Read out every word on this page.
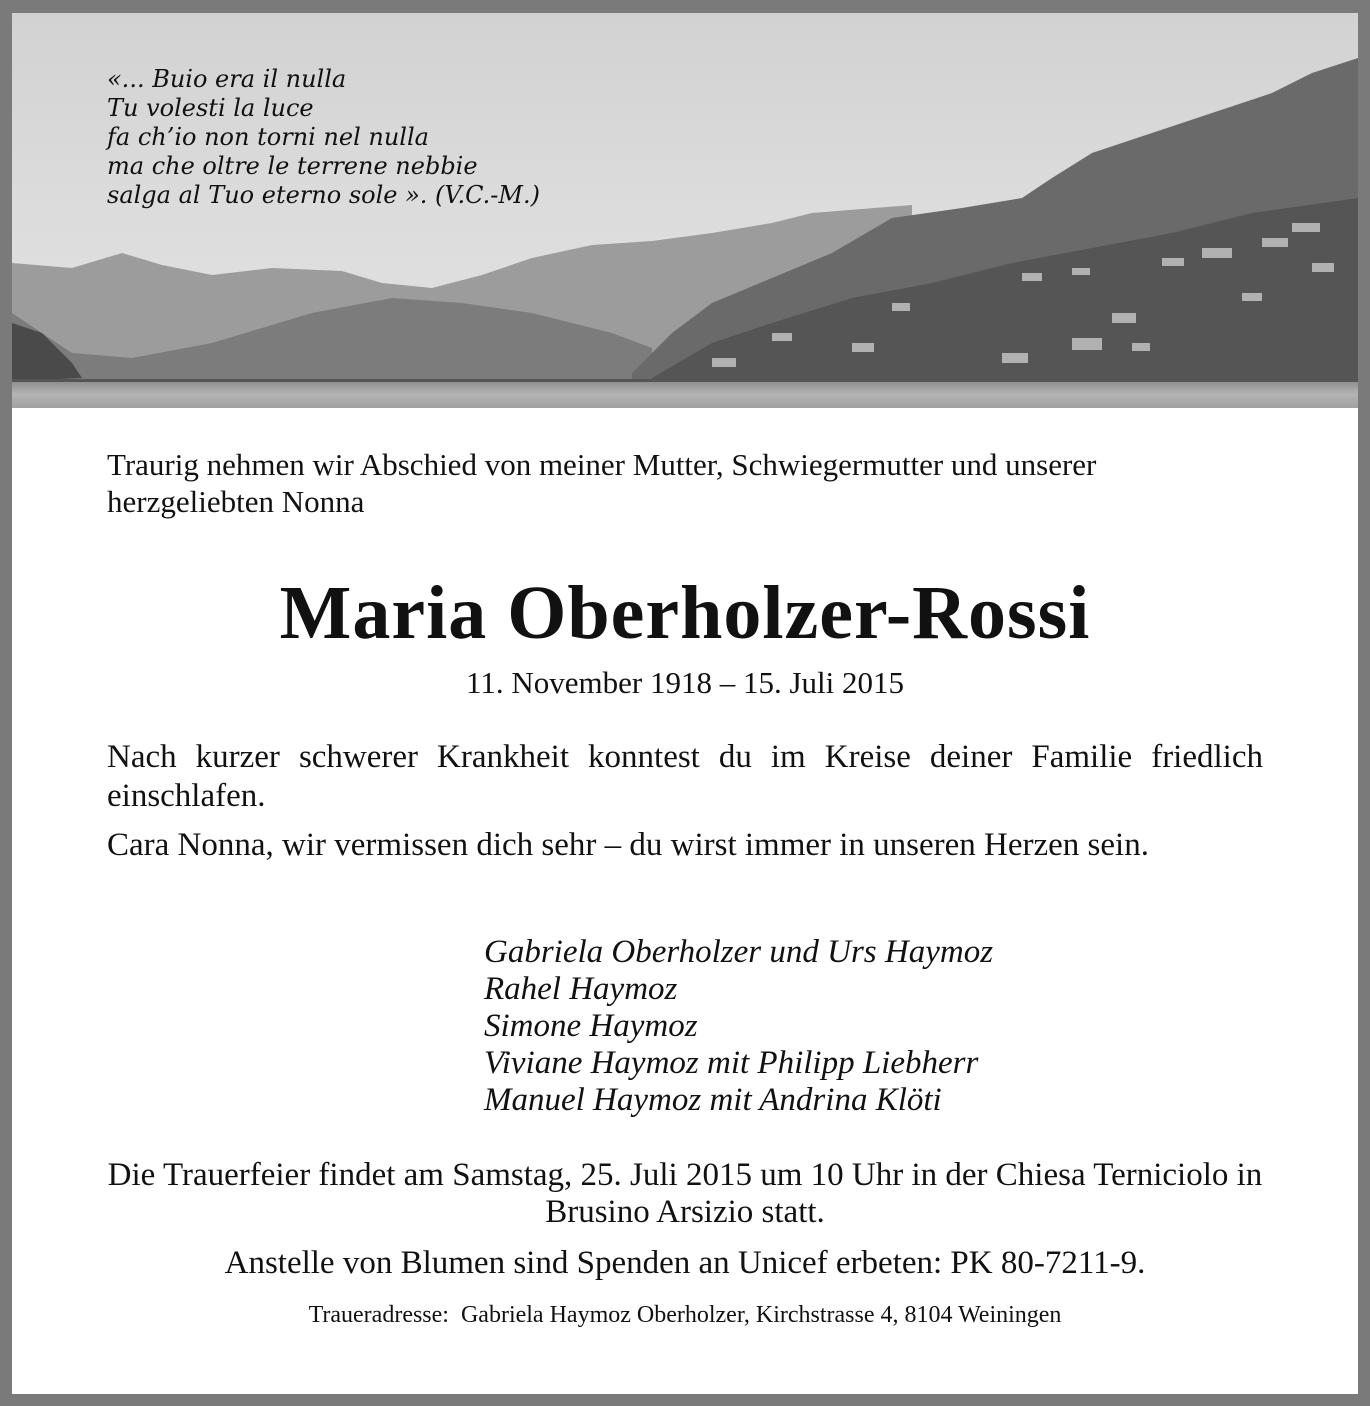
«... Buio era il nulla
Tu volesti la luce
fa ch’io non torni nel nulla
ma che oltre le terrene nebbie
salga al Tuo eterno sole ». (V.C.-M.)
Traurig nehmen wir Abschied von meiner Mutter, Schwiegermutter und unserer herzgeliebten Nonna
Maria Oberholzer-Rossi
11. November 1918 – 15. Juli 2015
Nach kurzer schwerer Krankheit konntest du im Kreise deiner Familie friedlich einschlafen.
Cara Nonna, wir vermissen dich sehr – du wirst immer in unseren Herzen sein.
Gabriela Oberholzer und Urs Haymoz
Rahel Haymoz
Simone Haymoz
Viviane Haymoz mit Philipp Liebherr
Manuel Haymoz mit Andrina Klöti
Die Trauerfeier findet am Samstag, 25. Juli 2015 um 10 Uhr in der Chiesa Terniciolo in Brusino Arsizio statt.
Anstelle von Blumen sind Spenden an Unicef erbeten: PK 80-7211-9.
Traueradresse:  Gabriela Haymoz Oberholzer, Kirchstrasse 4, 8104 Weiningen
